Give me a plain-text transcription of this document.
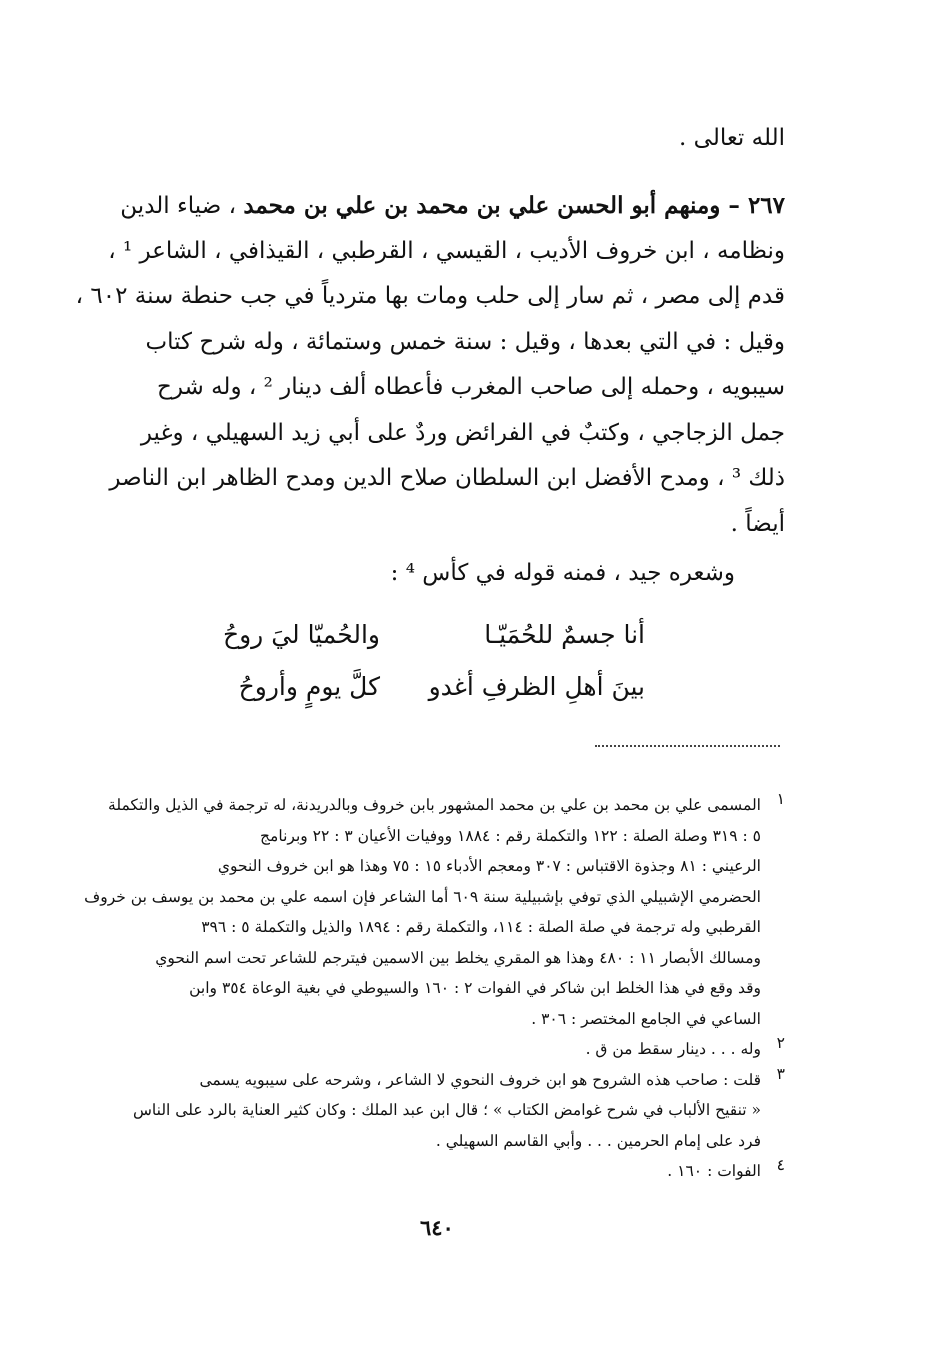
الله تعالى .
٢٦٧ – ومنهم أبو الحسن علي بن محمد بن علي بن محمد ، ضياء الدين
ونظامه ، ابن خروف الأديب ، القيسي ، القرطبي ، القيذافي ، الشاعر ¹ ،
قدم إلى مصر ، ثم سار إلى حلب ومات بها متردياً في جب حنطة سنة ٦٠٢ ،
وقيل : في التي بعدها ، وقيل : سنة خمس وستمائة ، وله شرح كتاب
سيبويه ، وحمله إلى صاحب المغرب فأعطاه ألف دينار ² ، وله شرح
جمل الزجاجي ، وكتبٌ في الفرائض وردٌ على أبي زيد السهيلي ، وغير
ذلك ³ ، ومدح الأفضل ابن السلطان صلاح الدين ومدح الظاهر ابن الناصر
أيضاً .
وشعره جيد ، فمنه قوله في كأس ⁴ :
أنا جسمٌ للحُمَيّـا
والحُميّا ليَ روحُ
بينَ أهلِ الظرفِ أغدو
كلَّ يومٍ وأروحُ
١
المسمى علي بن محمد بن علي بن محمد المشهور بابن خروف وبالدريدنة، له ترجمة في الذيل والتكملة
٥ : ٣١٩ وصلة الصلة : ١٢٢ والتكملة رقم : ١٨٨٤ ووفيات الأعيان ٣ : ٢٢ وبرنامج
الرعيني : ٨١ وجذوة الاقتباس : ٣٠٧ ومعجم الأدباء ١٥ : ٧٥ وهذا هو ابن خروف النحوي
الحضرمي الإشبيلي الذي توفي بإشبيلية سنة ٦٠٩ أما الشاعر فإن اسمه علي بن محمد بن يوسف بن خروف
القرطبي وله ترجمة في صلة الصلة : ١١٤، والتكملة رقم : ١٨٩٤ والذيل والتكملة ٥ : ٣٩٦
ومسالك الأبصار ١١ : ٤٨٠ وهذا هو المقري يخلط بين الاسمين فيترجم للشاعر تحت اسم النحوي
وقد وقع في هذا الخلط ابن شاكر في الفوات ٢ : ١٦٠ والسيوطي في بغية الوعاة ٣٥٤ وابن
الساعي في الجامع المختصر : ٣٠٦ .
٢
وله . . . دينار سقط من ق .
٣
قلت : صاحب هذه الشروح هو ابن خروف النحوي لا الشاعر ، وشرحه على سيبويه يسمى
« تنقيح الألباب في شرح غوامض الكتاب » ؛ قال ابن عبد الملك : وكان كثير العناية بالرد على الناس
فرد على إمام الحرمين . . . وأبي القاسم السهيلي .
٤
الفوات : ١٦٠ .
٦٤٠
